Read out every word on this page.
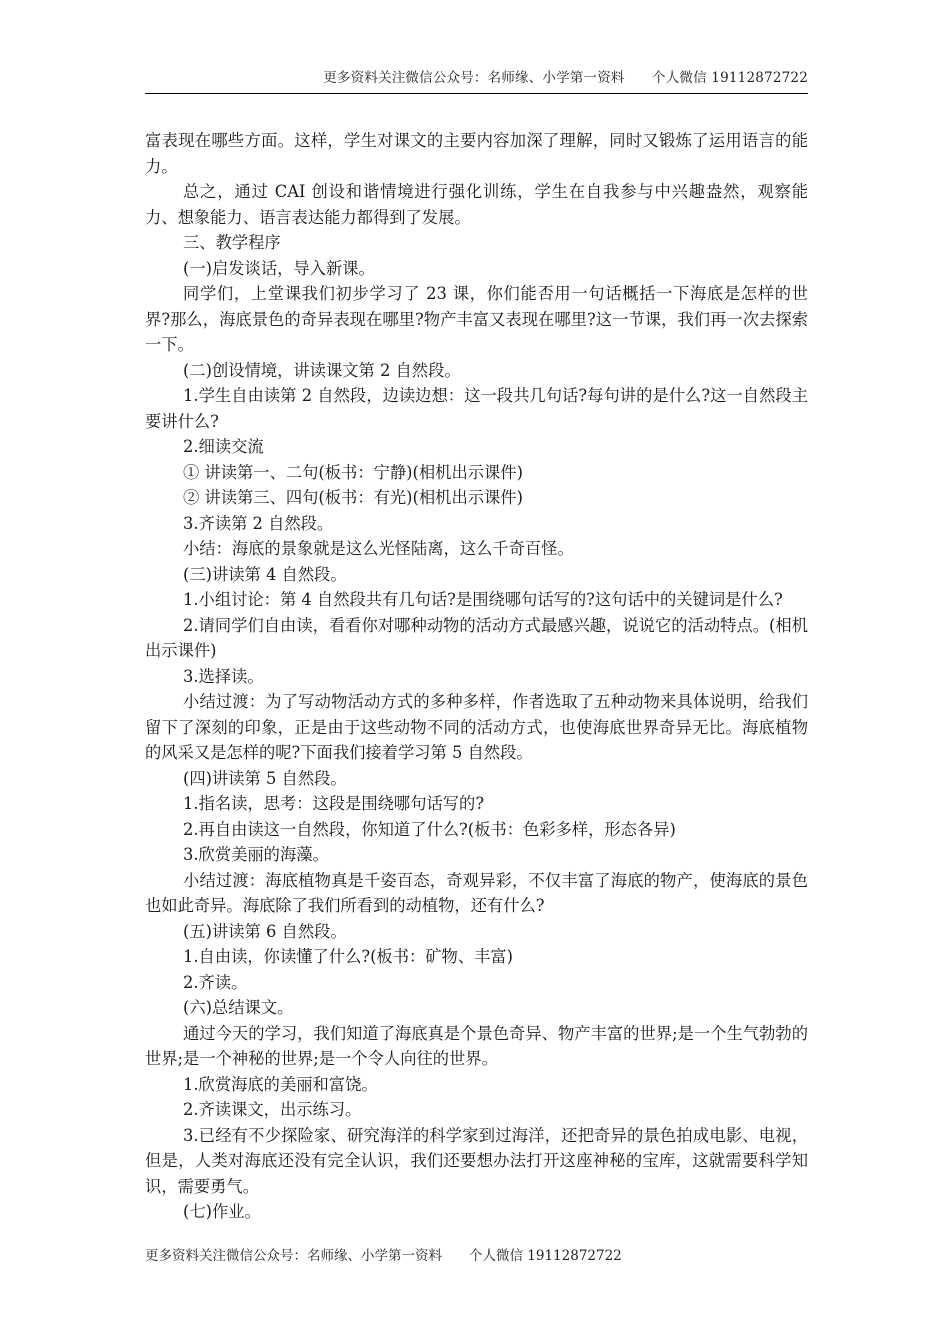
更多资料关注微信公众号：名师缘、小学第一资料　　个人微信 19112872722

富表现在哪些方面。这样，学生对课文的主要内容加深了理解，同时又锻炼了运用语言的能力。

总之，通过 CAI 创设和谐情境进行强化训练，学生在自我参与中兴趣盎然，观察能力、想象能力、语言表达能力都得到了发展。

三、教学程序

(一)启发谈话，导入新课。

同学们，上堂课我们初步学习了 23 课，你们能否用一句话概括一下海底是怎样的世界?那么，海底景色的奇异表现在哪里?物产丰富又表现在哪里?这一节课，我们再一次去探索一下。

(二)创设情境，讲读课文第 2 自然段。

1.学生自由读第 2 自然段，边读边想：这一段共几句话?每句讲的是什么?这一自然段主要讲什么?

2.细读交流

① 讲读第一、二句(板书：宁静)(相机出示课件)

② 讲读第三、四句(板书：有光)(相机出示课件)

3.齐读第 2 自然段。

小结：海底的景象就是这么光怪陆离，这么千奇百怪。

(三)讲读第 4 自然段。

1.小组讨论：第 4 自然段共有几句话?是围绕哪句话写的?这句话中的关键词是什么?

2.请同学们自由读，看看你对哪种动物的活动方式最感兴趣，说说它的活动特点。(相机出示课件)

3.选择读。

小结过渡：为了写动物活动方式的多种多样，作者选取了五种动物来具体说明，给我们留下了深刻的印象，正是由于这些动物不同的活动方式，也使海底世界奇异无比。海底植物的风采又是怎样的呢?下面我们接着学习第 5 自然段。

(四)讲读第 5 自然段。

1.指名读，思考：这段是围绕哪句话写的?

2.再自由读这一自然段，你知道了什么?(板书：色彩多样，形态各异)

3.欣赏美丽的海藻。

小结过渡：海底植物真是千姿百态，奇观异彩，不仅丰富了海底的物产，使海底的景色也如此奇异。海底除了我们所看到的动植物，还有什么?

(五)讲读第 6 自然段。

1.自由读，你读懂了什么?(板书：矿物、丰富)

2.齐读。

(六)总结课文。

通过今天的学习，我们知道了海底真是个景色奇异、物产丰富的世界;是一个生气勃勃的世界;是一个神秘的世界;是一个令人向往的世界。

1.欣赏海底的美丽和富饶。

2.齐读课文，出示练习。

3.已经有不少探险家、研究海洋的科学家到过海洋，还把奇异的景色拍成电影、电视，但是，人类对海底还没有完全认识，我们还要想办法打开这座神秘的宝库，这就需要科学知识，需要勇气。

(七)作业。

更多资料关注微信公众号：名师缘、小学第一资料　　个人微信 19112872722
